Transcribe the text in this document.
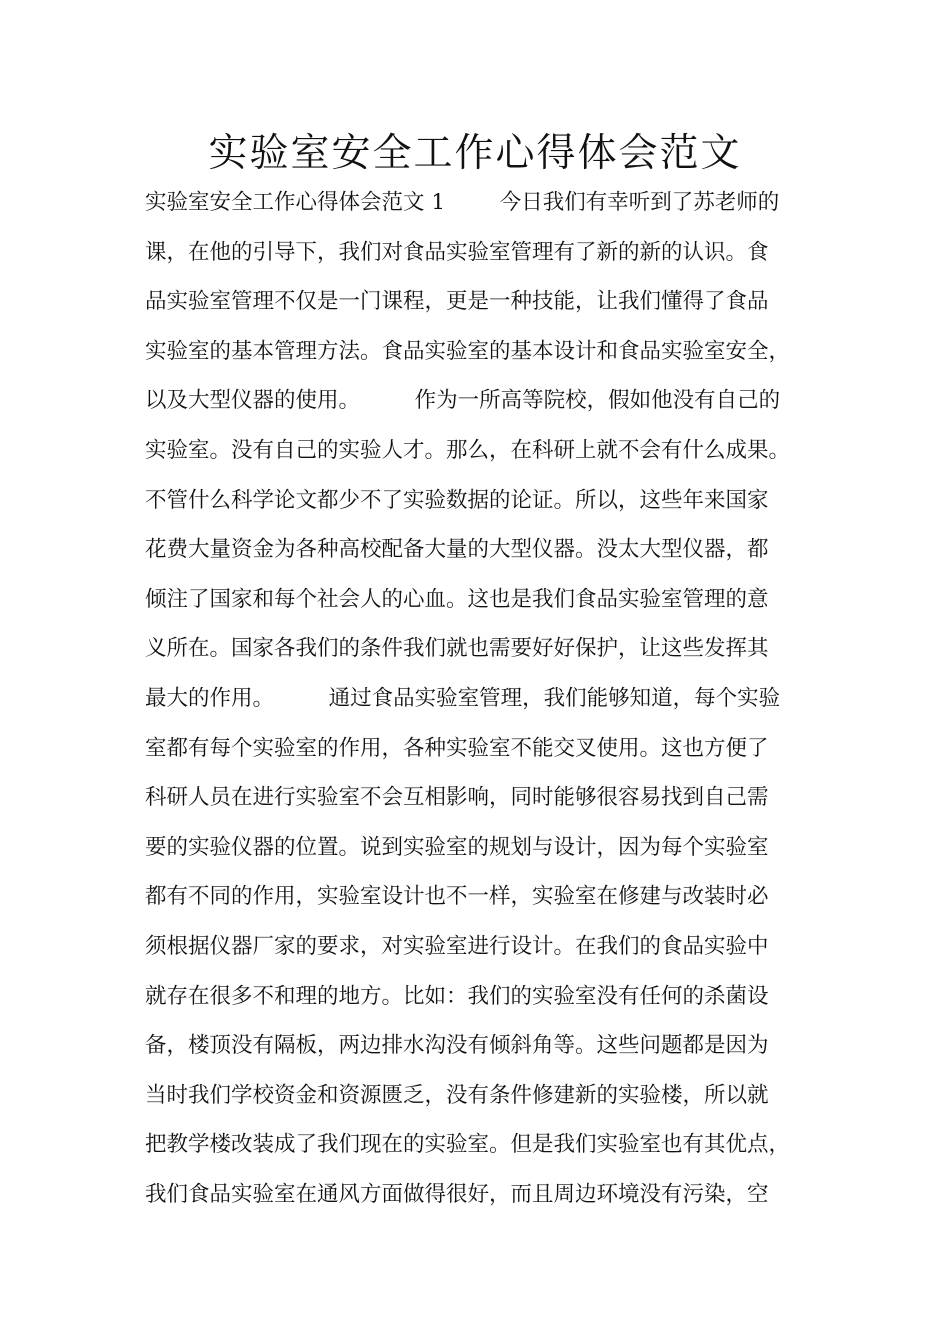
实验室安全工作心得体会范文
实验室安全工作心得体会范文 1        今日我们有幸听到了苏老师的
课，在他的引导下，我们对食品实验室管理有了新的新的认识。食
品实验室管理不仅是一门课程，更是一种技能，让我们懂得了食品
实验室的基本管理方法。食品实验室的基本设计和食品实验室安全，
以及大型仪器的使用。        作为一所高等院校，假如他没有自己的
实验室。没有自己的实验人才。那么，在科研上就不会有什么成果。
不管什么科学论文都少不了实验数据的论证。所以，这些年来国家
花费大量资金为各种高校配备大量的大型仪器。没太大型仪器，都
倾注了国家和每个社会人的心血。这也是我们食品实验室管理的意
义所在。国家各我们的条件我们就也需要好好保护，让这些发挥其
最大的作用。        通过食品实验室管理，我们能够知道，每个实验
室都有每个实验室的作用，各种实验室不能交叉使用。这也方便了
科研人员在进行实验室不会互相影响，同时能够很容易找到自己需
要的实验仪器的位置。说到实验室的规划与设计，因为每个实验室
都有不同的作用，实验室设计也不一样，实验室在修建与改装时必
须根据仪器厂家的要求，对实验室进行设计。在我们的食品实验中
就存在很多不和理的地方。比如：我们的实验室没有任何的杀菌设
备，楼顶没有隔板，两边排水沟没有倾斜角等。这些问题都是因为
当时我们学校资金和资源匮乏，没有条件修建新的实验楼，所以就
把教学楼改装成了我们现在的实验室。但是我们实验室也有其优点，
我们食品实验室在通风方面做得很好，而且周边环境没有污染，空
